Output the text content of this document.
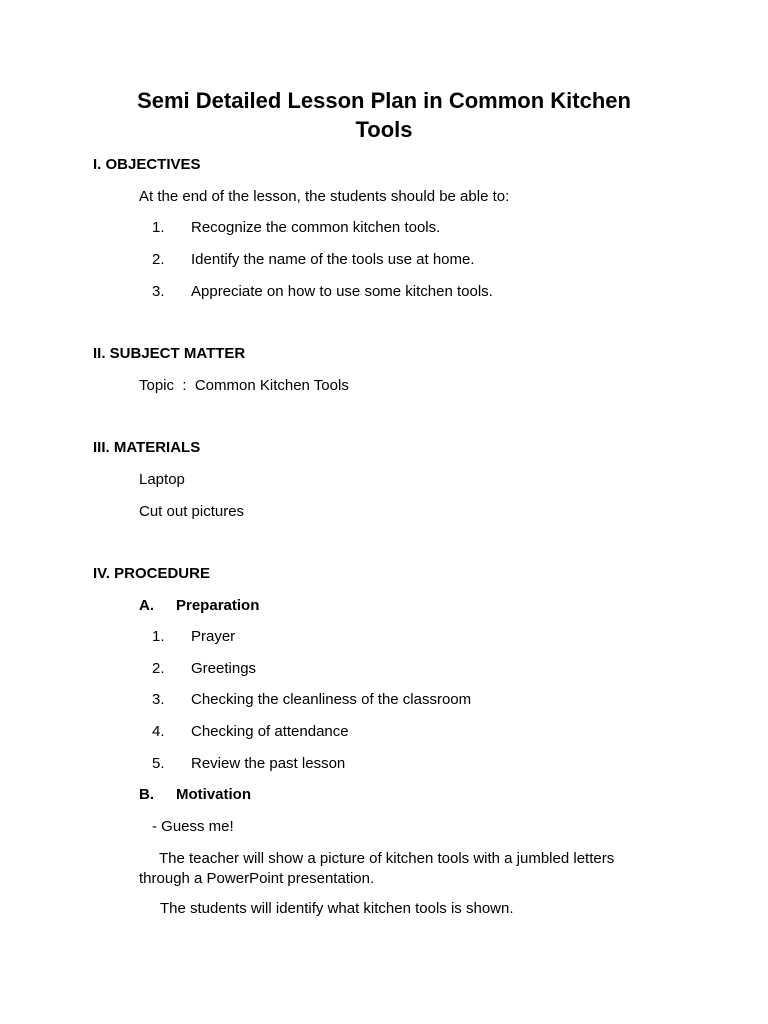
Semi Detailed Lesson Plan in Common Kitchen
Tools

I. OBJECTIVES

At the end of the lesson, the students should be able to:

1. Recognize the common kitchen tools.
2. Identify the name of the tools use at home.
3. Appreciate on how to use some kitchen tools.

II. SUBJECT MATTER

Topic  :  Common Kitchen Tools

III. MATERIALS

Laptop

Cut out pictures

IV. PROCEDURE

A. Preparation
1. Prayer
2. Greetings
3. Checking the cleanliness of the classroom
4. Checking of attendance
5. Review the past lesson
B. Motivation

- Guess me!

The teacher will show a picture of kitchen tools with a jumbled letters through a PowerPoint presentation.

The students will identify what kitchen tools is shown.
